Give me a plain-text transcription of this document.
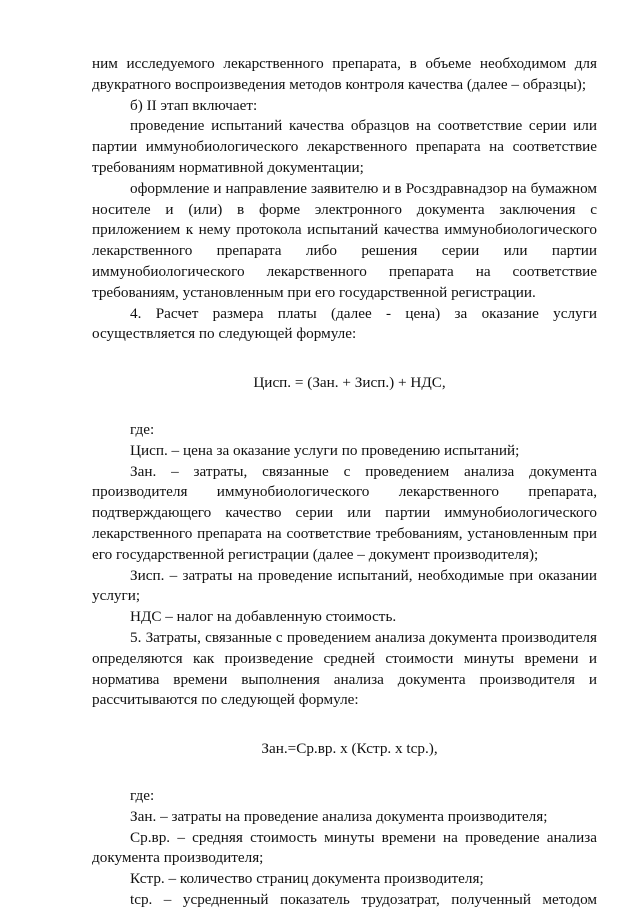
ним исследуемого лекарственного препарата, в объеме необходимом для двукратного воспроизведения методов контроля качества (далее – образцы);

б) II этап включает:

проведение испытаний качества образцов на соответствие серии или партии иммунобиологического лекарственного препарата на соответствие требованиям нормативной документации;

оформление и направление заявителю и в Росздравнадзор на бумажном носителе и (или) в форме электронного документа заключения с приложением к нему протокола испытаний качества иммунобиологического лекарственного препарата либо решения серии или партии иммунобиологического лекарственного препарата на соответствие требованиям, установленным при его государственной регистрации.

4. Расчет размера платы (далее - цена) за оказание услуги осуществляется по следующей формуле:

Цисп. = (Зан. + Зисп.) + НДС,

где:

Цисп. – цена за оказание услуги по проведению испытаний;

Зан. – затраты, связанные с проведением анализа документа производителя иммунобиологического лекарственного препарата, подтверждающего качество серии или партии иммунобиологического лекарственного препарата на соответствие требованиям, установленным при его государственной регистрации (далее – документ производителя);

Зисп. – затраты на проведение испытаний, необходимые при оказании услуги;

НДС – налог на добавленную стоимость.

5. Затраты, связанные с проведением анализа документа производителя определяются как произведение средней стоимости минуты времени и норматива времени выполнения анализа документа производителя и рассчитываются по следующей формуле:

Зан.=Ср.вр. х (Кстр. х tср.),

где:

Зан. – затраты на проведение анализа документа производителя;

Ср.вр. – средняя стоимость минуты времени на проведение анализа документа производителя;

Кстр. – количество страниц документа производителя;

tср. – усредненный показатель трудозатрат, полученный методом
